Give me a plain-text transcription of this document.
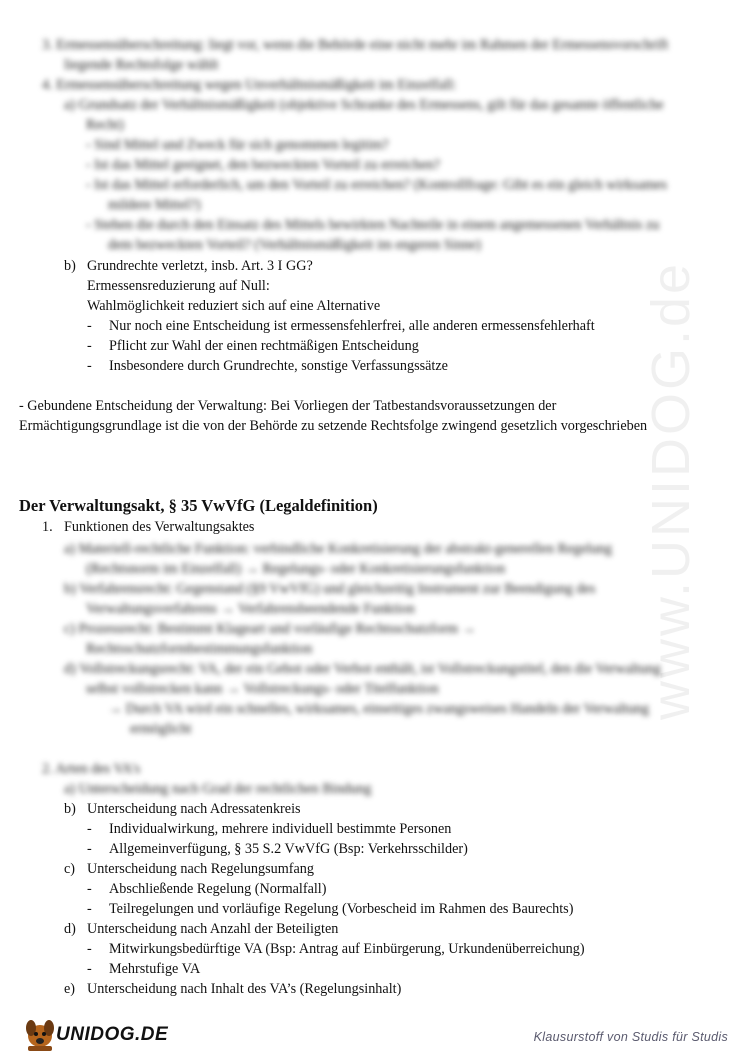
www.UNIDOG.de
3. Ermessensüberschreitung: liegt vor, wenn die Behörde eine nicht mehr im Rahmen der Ermessensvorschrift
liegende Rechtsfolge wählt
4. Ermessensüberschreitung wegen Unverhältnismäßigkeit im Einzelfall:
a) Grundsatz der Verhältnismäßigkeit (objektive Schranke des Ermessens, gilt für das gesamte öffentliche
Recht)
- Sind Mittel und Zweck für sich genommen legitim?
- Ist das Mittel geeignet, den bezweckten Vorteil zu erreichen?
- Ist das Mittel erforderlich, um den Vorteil zu erreichen? (Kontrollfrage: Gibt es ein gleich wirksames
mildere Mittel?)
- Stehen die durch den Einsatz des Mittels bewirkten Nachteile in einem angemessenen Verhältnis zu
dem bezweckten Vorteil? (Verhältnismäßigkeit im engeren Sinne)
b) Grundrechte verletzt, insb. Art. 3 I GG?
Ermessensreduzierung auf Null:
Wahlmöglichkeit reduziert sich auf eine Alternative
- Nur noch eine Entscheidung ist ermessensfehlerfrei, alle anderen ermessensfehlerhaft
- Pflicht zur Wahl der einen rechtmäßigen Entscheidung
- Insbesondere durch Grundrechte, sonstige Verfassungssätze
- Gebundene Entscheidung der Verwaltung: Bei Vorliegen der Tatbestandsvoraussetzungen der
Ermächtigungsgrundlage ist die von der Behörde zu setzende Rechtsfolge zwingend gesetzlich vorgeschrieben
Der Verwaltungsakt, § 35 VwVfG (Legaldefinition)
1. Funktionen des Verwaltungsaktes
a) Materiell-rechtliche Funktion: verbindliche Konkretisierung der abstrakt-generellen Regelung
(Rechtsnorm im Einzelfall) → Regelungs- oder Konkretisierungsfunktion
b) Verfahrensrecht: Gegenstand (§9 VwVfG) und gleichzeitig Instrument zur Beendigung des
Verwaltungsverfahrens → Verfahrensbeendende Funktion
c) Prozessrecht: Bestimmt Klageart und vorläufige Rechtsschutzform →
Rechtsschutzformbestimmungsfunktion
d) Vollstreckungsrecht: VA, der ein Gebot oder Verbot enthält, ist Vollstreckungstitel, den die Verwaltung
selbst vollstrecken kann → Vollstreckungs- oder Titelfunktion
→ Durch VA wird ein schnelles, wirksames, einseitiges zwangsweises Handeln der Verwaltung
ermöglicht
2. Arten des VA's
a) Unterscheidung nach Grad der rechtlichen Bindung
b) Unterscheidung nach Adressatenkreis
- Individualwirkung, mehrere individuell bestimmte Personen
- Allgemeinverfügung, § 35 S.2 VwVfG (Bsp: Verkehrsschilder)
c) Unterscheidung nach Regelungsumfang
- Abschließende Regelung (Normalfall)
- Teilregelungen und vorläufige Regelung (Vorbescheid im Rahmen des Baurechts)
d) Unterscheidung nach Anzahl der Beteiligten
- Mitwirkungsbedürftige VA (Bsp: Antrag auf Einbürgerung, Urkundenüberreichung)
- Mehrstufige VA
e) Unterscheidung nach Inhalt des VA’s (Regelungsinhalt)
UNIDOG.DE	Klausurstoff von Studis für Studis
